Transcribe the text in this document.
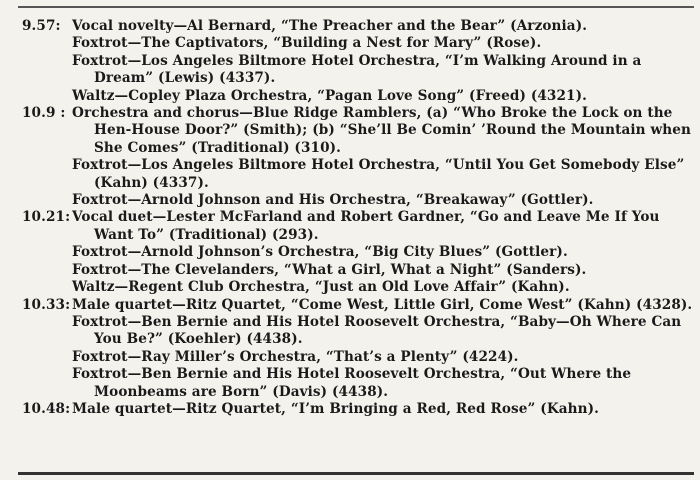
9.57: Vocal novelty—Al Bernard, “The Preacher and the Bear” (Arzonia).
Foxtrot—The Captivators, “Building a Nest for Mary” (Rose).
Foxtrot—Los Angeles Biltmore Hotel Orchestra, “I’m Walking Around in a Dream” (Lewis) (4337).
Waltz—Copley Plaza Orchestra, “Pagan Love Song” (Freed) (4321).
10.9 : Orchestra and chorus—Blue Ridge Ramblers, (a) “Who Broke the Lock on the Hen-House Door?” (Smith); (b) “She’ll Be Comin’ ’Round the Mountain when She Comes” (Traditional) (310).
Foxtrot—Los Angeles Biltmore Hotel Orchestra, “Until You Get Somebody Else” (Kahn) (4337).
Foxtrot—Arnold Johnson and His Orchestra, “Breakaway” (Gottler).
10.21: Vocal duet—Lester McFarland and Robert Gardner, “Go and Leave Me If You Want To” (Traditional) (293).
Foxtrot—Arnold Johnson’s Orchestra, “Big City Blues” (Gottler).
Foxtrot—The Clevelanders, “What a Girl, What a Night” (Sanders).
Waltz—Regent Club Orchestra, “Just an Old Love Affair” (Kahn).
10.33: Male quartet—Ritz Quartet, “Come West, Little Girl, Come West” (Kahn) (4328).
Foxtrot—Ben Bernie and His Hotel Roosevelt Orchestra, “Baby—Oh Where Can You Be?” (Koehler) (4438).
Foxtrot—Ray Miller’s Orchestra, “That’s a Plenty” (4224).
Foxtrot—Ben Bernie and His Hotel Roosevelt Orchestra, “Out Where the Moonbeams are Born” (Davis) (4438).
10.48: Male quartet—Ritz Quartet, “I’m Bringing a Red, Red Rose” (Kahn).
